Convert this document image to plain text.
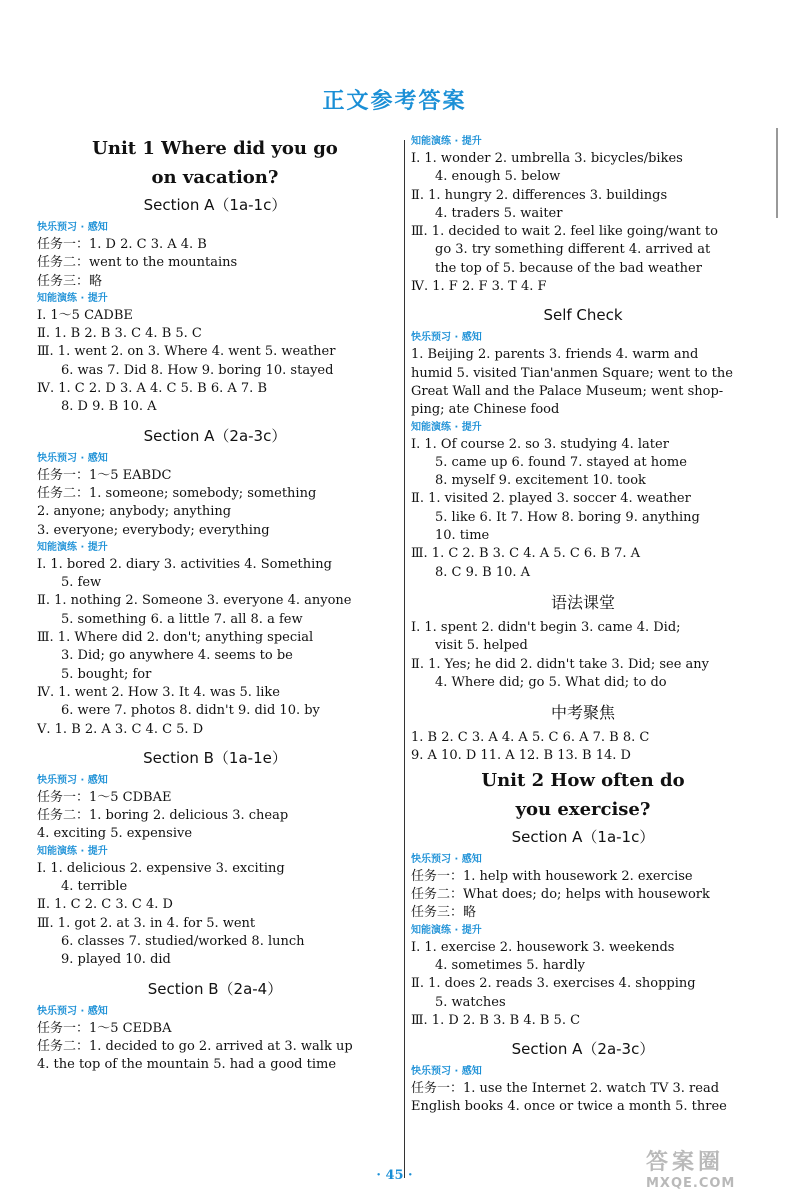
正文参考答案
Unit 1 Where did you go
on vacation?
Section A（1a-1c）
快乐预习 · 感知
任务一：1. D 2. C 3. A 4. B
任务二：went to the mountains
任务三：略
知能演练 · 提升
Ⅰ. 1～5 CADBE
Ⅱ. 1. B 2. B 3. C 4. B 5. C
Ⅲ. 1. went 2. on 3. Where 4. went 5. weather
6. was 7. Did 8. How 9. boring 10. stayed
Ⅳ. 1. C 2. D 3. A 4. C 5. B 6. A 7. B
8. D 9. B 10. A
Section A（2a-3c）
快乐预习 · 感知
任务一：1～5 EABDC
任务二：1. someone; somebody; something
2. anyone; anybody; anything
3. everyone; everybody; everything
知能演练 · 提升
Ⅰ. 1. bored 2. diary 3. activities 4. Something
5. few
Ⅱ. 1. nothing 2. Someone 3. everyone 4. anyone
5. something 6. a little 7. all 8. a few
Ⅲ. 1. Where did 2. don't; anything special
3. Did; go anywhere 4. seems to be
5. bought; for
Ⅳ. 1. went 2. How 3. It 4. was 5. like
6. were 7. photos 8. didn't 9. did 10. by
Ⅴ. 1. B 2. A 3. C 4. C 5. D
Section B（1a-1e）
快乐预习 · 感知
任务一：1～5 CDBAE
任务二：1. boring 2. delicious 3. cheap
4. exciting 5. expensive
知能演练 · 提升
Ⅰ. 1. delicious 2. expensive 3. exciting
4. terrible
Ⅱ. 1. C 2. C 3. C 4. D
Ⅲ. 1. got 2. at 3. in 4. for 5. went
6. classes 7. studied/worked 8. lunch
9. played 10. did
Section B（2a-4）
快乐预习 · 感知
任务一：1～5 CEDBA
任务二：1. decided to go 2. arrived at 3. walk up
4. the top of the mountain 5. had a good time
知能演练 · 提升
Ⅰ. 1. wonder 2. umbrella 3. bicycles/bikes
4. enough 5. below
Ⅱ. 1. hungry 2. differences 3. buildings
4. traders 5. waiter
Ⅲ. 1. decided to wait 2. feel like going/want to
go 3. try something different 4. arrived at
the top of 5. because of the bad weather
Ⅳ. 1. F 2. F 3. T 4. F
Self Check
快乐预习 · 感知
1. Beijing 2. parents 3. friends 4. warm and
humid 5. visited Tian'anmen Square; went to the
Great Wall and the Palace Museum; went shop-
ping; ate Chinese food
知能演练 · 提升
Ⅰ. 1. Of course 2. so 3. studying 4. later
5. came up 6. found 7. stayed at home
8. myself 9. excitement 10. took
Ⅱ. 1. visited 2. played 3. soccer 4. weather
5. like 6. It 7. How 8. boring 9. anything
10. time
Ⅲ. 1. C 2. B 3. C 4. A 5. C 6. B 7. A
8. C 9. B 10. A
语法课堂
Ⅰ. 1. spent 2. didn't begin 3. came 4. Did;
visit 5. helped
Ⅱ. 1. Yes; he did 2. didn't take 3. Did; see any
4. Where did; go 5. What did; to do
中考聚焦
1. B 2. C 3. A 4. A 5. C 6. A 7. B 8. C
9. A 10. D 11. A 12. B 13. B 14. D
Unit 2 How often do
you exercise?
Section A（1a-1c）
快乐预习 · 感知
任务一：1. help with housework 2. exercise
任务二：What does; do; helps with housework
任务三：略
知能演练 · 提升
Ⅰ. 1. exercise 2. housework 3. weekends
4. sometimes 5. hardly
Ⅱ. 1. does 2. reads 3. exercises 4. shopping
5. watches
Ⅲ. 1. D 2. B 3. B 4. B 5. C
Section A（2a-3c）
快乐预习 · 感知
任务一：1. use the Internet 2. watch TV 3. read
English books 4. once or twice a month 5. three
· 45 ·
答案圈
MXQE.COM
